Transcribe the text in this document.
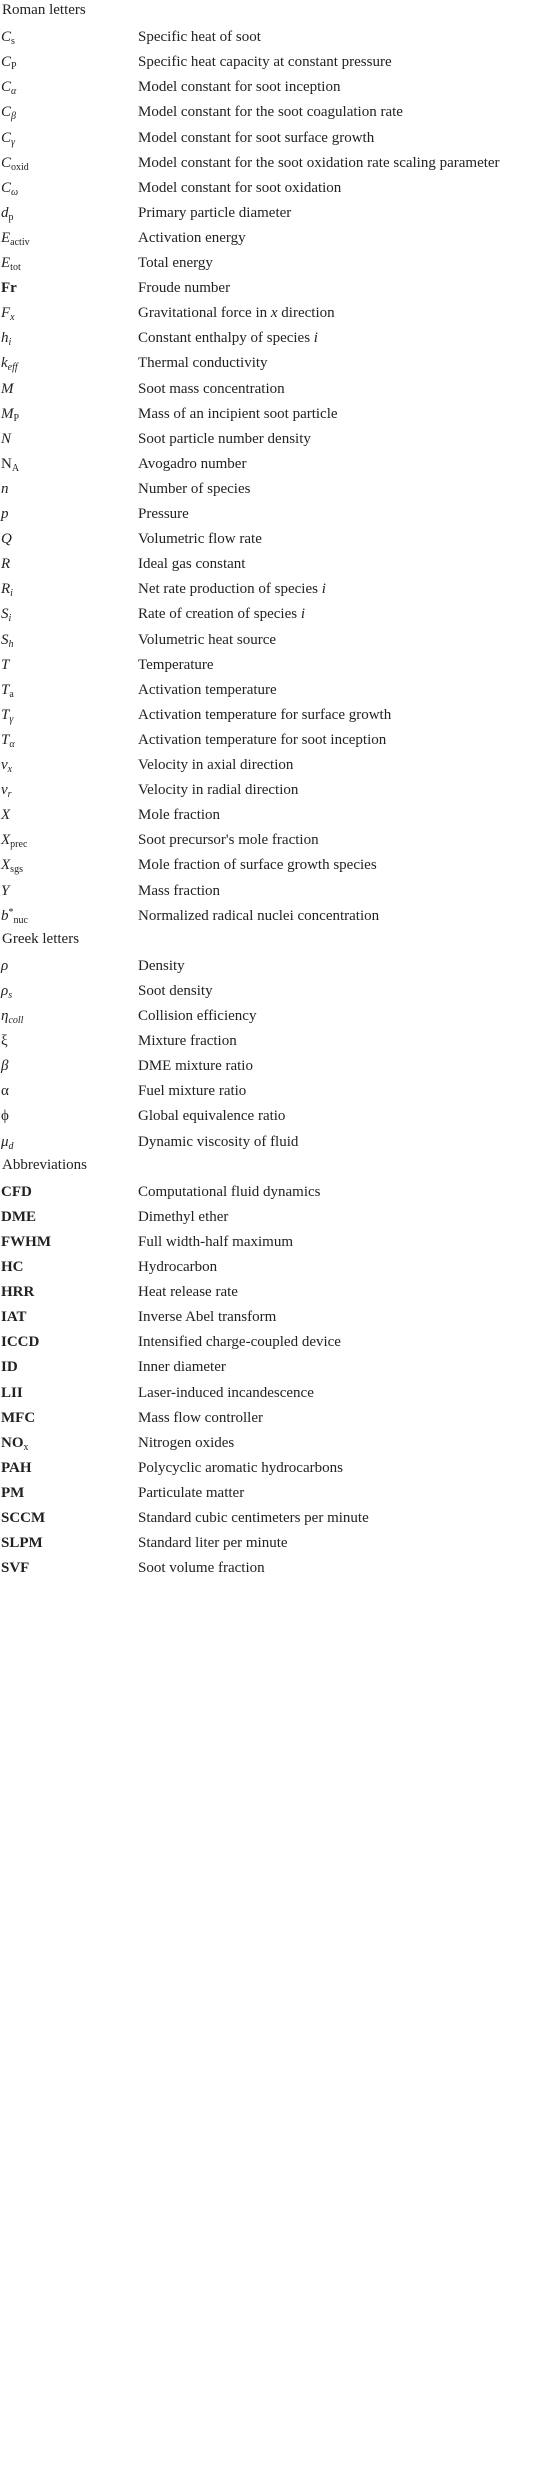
Roman letters
$C_s$	Specific heat of soot
$C_P$	Specific heat capacity at constant pressure
$C_\alpha$	Model constant for soot inception
$C_\beta$	Model constant for the soot coagulation rate
$C_\gamma$	Model constant for soot surface growth
$C_{oxid}$	Model constant for the soot oxidation rate scaling parameter
$C_\omega$	Model constant for soot oxidation
$d_p$	Primary particle diameter
$E_{activ}$	Activation energy
$E_{tot}$	Total energy
Fr	Froude number
$F_x$	Gravitational force in x direction
$h_i$	Constant enthalpy of species i
$k_{eff}$	Thermal conductivity
M	Soot mass concentration
$M_P$	Mass of an incipient soot particle
N	Soot particle number density
$N_A$	Avogadro number
n	Number of species
p	Pressure
Q	Volumetric flow rate
R	Ideal gas constant
$R_i$	Net rate production of species i
$S_i$	Rate of creation of species i
$S_h$	Volumetric heat source
T	Temperature
$T_a$	Activation temperature
$T_\gamma$	Activation temperature for surface growth
$T_\alpha$	Activation temperature for soot inception
$v_x$	Velocity in axial direction
$v_r$	Velocity in radial direction
X	Mole fraction
$X_{prec}$	Soot precursor's mole fraction
$X_{sgs}$	Mole fraction of surface growth species
Y	Mass fraction
$b^*_{nuc}$	Normalized radical nuclei concentration
Greek letters
ρ	Density
$\rho_s$	Soot density
$\eta_{coll}$	Collision efficiency
ξ	Mixture fraction
β	DME mixture ratio
α	Fuel mixture ratio
ϕ	Global equivalence ratio
$\mu_d$	Dynamic viscosity of fluid
Abbreviations
CFD	Computational fluid dynamics
DME	Dimethyl ether
FWHM	Full width-half maximum
HC	Hydrocarbon
HRR	Heat release rate
IAT	Inverse Abel transform
ICCD	Intensified charge-coupled device
ID	Inner diameter
LII	Laser-induced incandescence
MFC	Mass flow controller
$NO_x$	Nitrogen oxides
PAH	Polycyclic aromatic hydrocarbons
PM	Particulate matter
SCCM	Standard cubic centimeters per minute
SLPM	Standard liter per minute
SVF	Soot volume fraction
